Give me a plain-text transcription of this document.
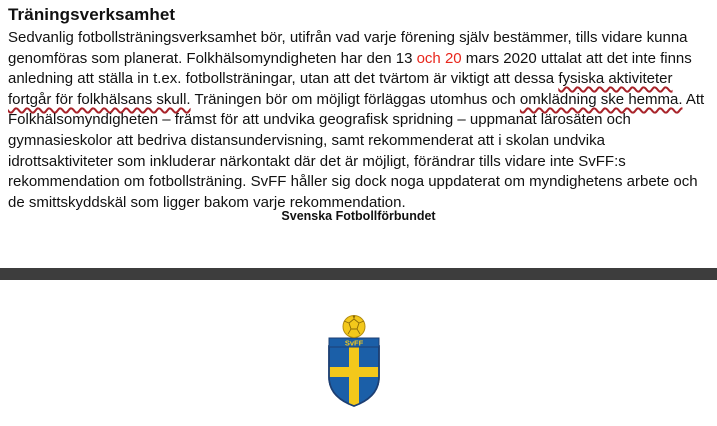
Träningsverksamhet

Sedvanlig fotbollsträningsverksamhet bör, utifrån vad varje förening själv bestämmer, tills vidare kunna
genomföras som planerat. Folkhälsomyndigheten har den 13 och 20 mars 2020 uttalat att det inte finns
anledning att ställa in t.ex. fotbollsträningar, utan att det tvärtom är viktigt att dessa fysiska aktiviteter
fortgår för folkhälsans skull. Träningen bör om möjligt förläggas utomhus och omklädning ske hemma. Att
Folkhälsomyndigheten – främst för att undvika geografisk spridning – uppmanat lärosäten och
gymnasieskolor att bedriva distansundervisning, samt rekommenderat att i skolan undvika
idrottsaktiviteter som inkluderar närkontakt där det är möjligt, förändrar tills vidare inte SvFF:s
rekommendation om fotbollsträning. SvFF håller sig dock noga uppdaterat om myndighetens arbete och
de smittskyddskäl som ligger bakom varje rekommendation.

Svenska Fotbollförbundet
SvFF
